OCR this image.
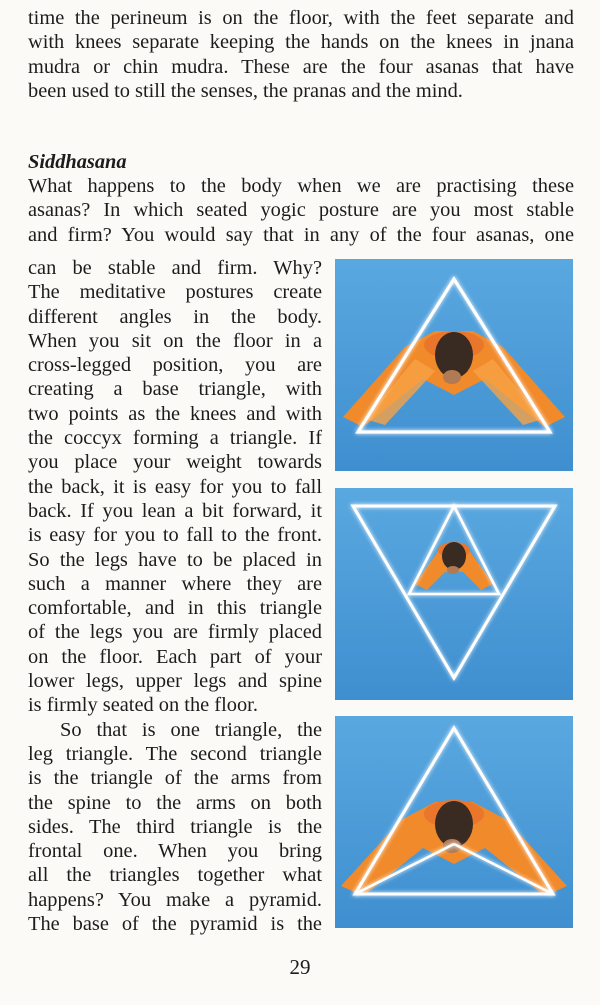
time the perineum is on the floor, with the feet separate and
with knees separate keeping the hands on the knees in jnana
mudra or chin mudra. These are the four asanas that have
been used to still the senses, the pranas and the mind.

Siddhasana

What happens to the body when we are practising these
asanas? In which seated yogic posture are you most stable
and firm? You would say that in any of the four asanas, one

can be stable and firm. Why?
The meditative postures create
different angles in the body.
When you sit on the floor in a
cross-legged position, you are
creating a base triangle, with
two points as the knees and with
the coccyx forming a triangle. If
you place your weight towards
the back, it is easy for you to fall
back. If you lean a bit forward, it
is easy for you to fall to the front.
So the legs have to be placed in
such a manner where they are
comfortable, and in this triangle
of the legs you are firmly placed
on the floor. Each part of your
lower legs, upper legs and spine
is firmly seated on the floor.
So that is one triangle, the
leg triangle. The second triangle
is the triangle of the arms from
the spine to the arms on both
sides. The third triangle is the
frontal one. When you bring
all the triangles together what
happens? You make a pyramid.
The base of the pyramid is the

29
